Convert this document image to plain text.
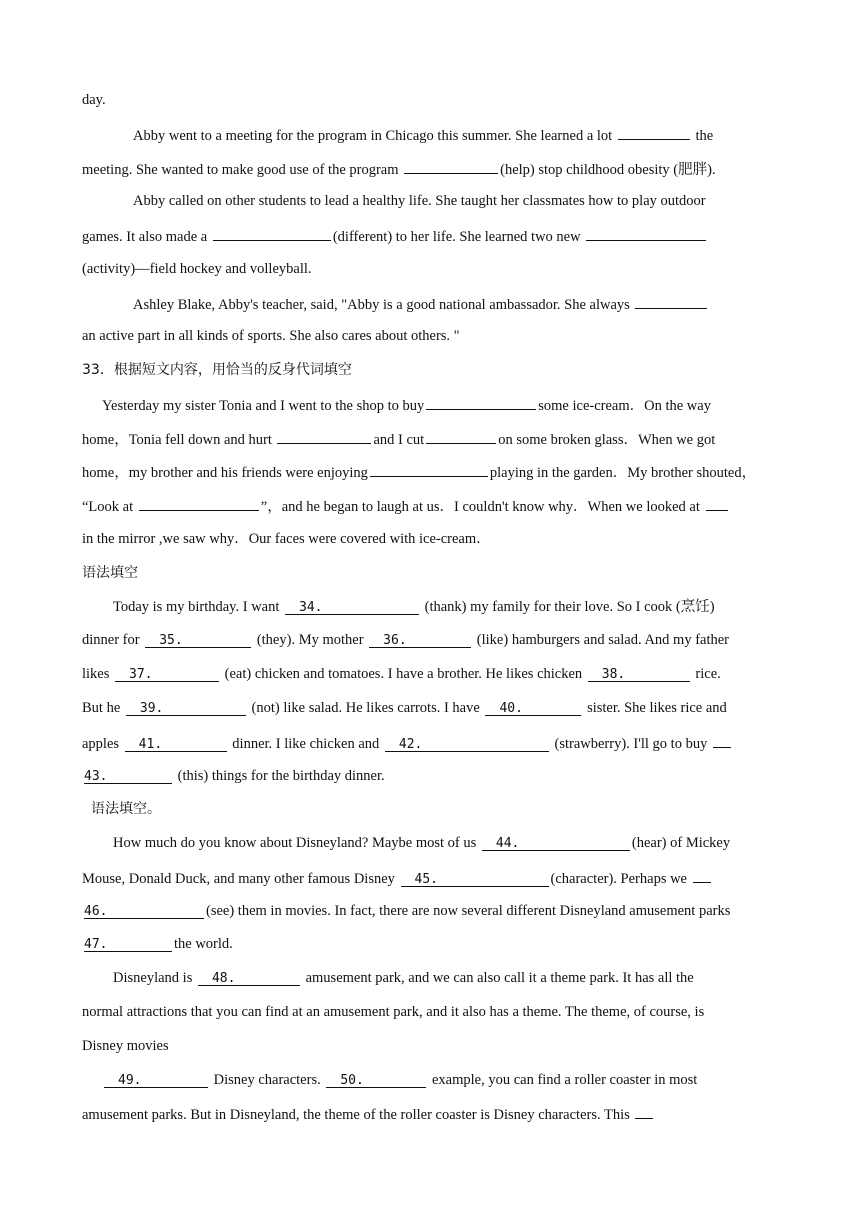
day.
Abby went to a meeting for the program in Chicago this summer. She learned a lot	the
meeting. She wanted to make good use of the program	(help) stop childhood obesity (肥胖).
Abby called on other students to lead a healthy life. She taught her classmates how to play outdoor
games. It also made a	(different) to her life. She learned two new
(activity)—field hockey and volleyball.
Ashley Blake, Abby's teacher, said, "Abby is a good national ambassador. She always
an active part in all kinds of sports. She also cares about others. "
33．根据短文内容，用恰当的反身代词填空
Yesterday my sister Tonia and I went to the shop to buy	some ice-cream．On the way
home，Tonia fell down and hurt	and I cut	on some broken glass．When we got
home，my brother and his friends were enjoying	playing in the garden．My brother shouted，
“Look at	”，and he began to laugh at us．I couldn't know why．When we looked at
in the mirror ,we saw why．Our faces were covered with ice-cream．
语法填空
Today is my birthday. I want 34.	(thank) my family for their love. So I cook (烹饪)
dinner for 35.	(they). My mother 36.	(like) hamburgers and salad. And my father
likes 37.	(eat) chicken and tomatoes. I have a brother. He likes chicken 38.	rice.
But he 39.	(not) like salad. He likes carrots. I have 40.	sister. She likes rice and
apples 41.	dinner. I like chicken and 42.	(strawberry). I'll go to buy
43.	(this) things for the birthday dinner.
语法填空。
How much do you know about Disneyland? Maybe most of us 44.	(hear) of Mickey
Mouse, Donald Duck, and many other famous Disney 45.	(character). Perhaps we
46.	(see) them in movies. In fact, there are now several different Disneyland amusement parks
47.	the world.
Disneyland is 48.	amusement park, and we can also call it a theme park. It has all the
normal attractions that you can find at an amusement park, and it also has a theme. The theme, of course, is
Disney movies
49.	Disney characters. 50.	example, you can find a roller coaster in most
amusement parks. But in Disneyland, the theme of the roller coaster is Disney characters. This
